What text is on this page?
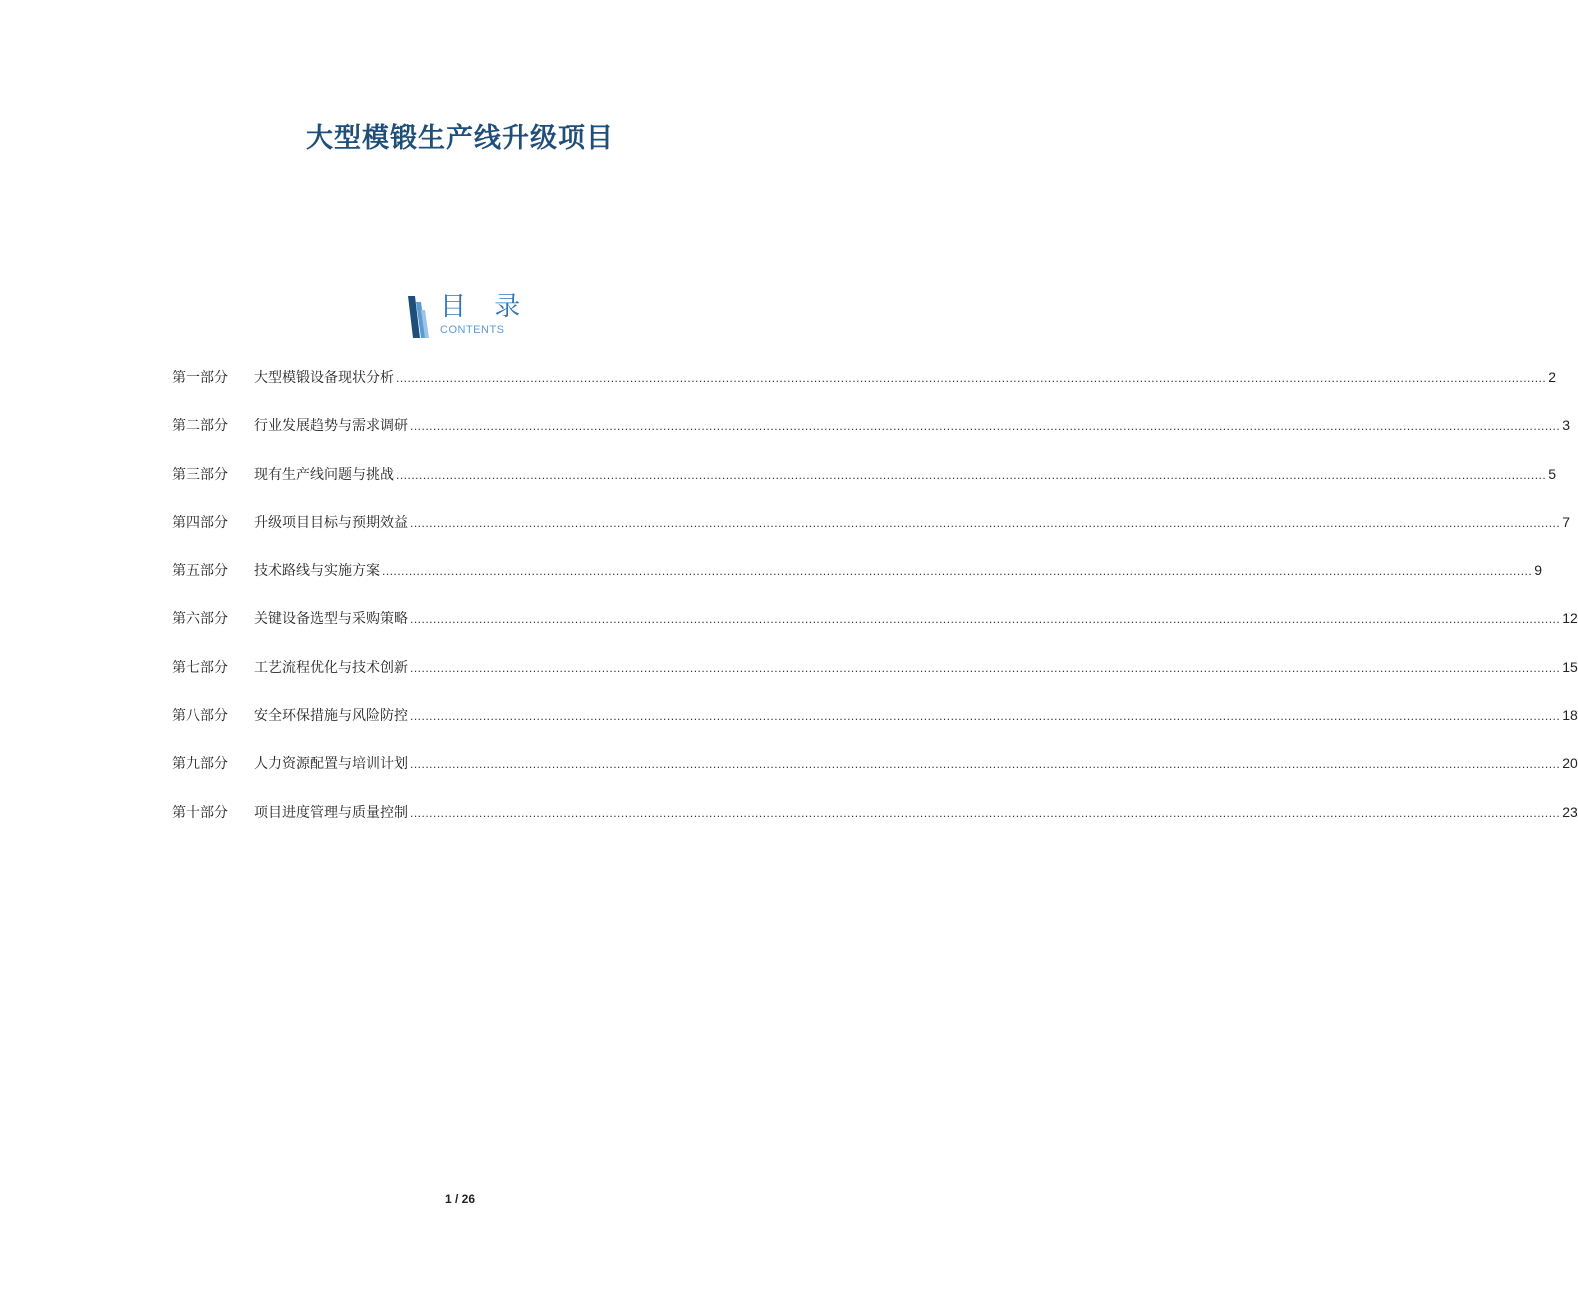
大型模锻生产线升级项目
目 录
CONTENTS
第一部分	大型模锻设备现状分析 ............................................................................................................................................................................................................................................................................................................ 2
第二部分	行业发展趋势与需求调研 ............................................................................................................................................................................................................................................................................................................ 3
第三部分	现有生产线问题与挑战 ............................................................................................................................................................................................................................................................................................................ 5
第四部分	升级项目目标与预期效益 ............................................................................................................................................................................................................................................................................................................ 7
第五部分	技术路线与实施方案 ............................................................................................................................................................................................................................................................................................................ 9
第六部分	关键设备选型与采购策略 ............................................................................................................................................................................................................................................................................................................ 12
第七部分	工艺流程优化与技术创新 ............................................................................................................................................................................................................................................................................................................ 15
第八部分	安全环保措施与风险防控 ............................................................................................................................................................................................................................................................................................................ 18
第九部分	人力资源配置与培训计划 ............................................................................................................................................................................................................................................................................................................ 20
第十部分	项目进度管理与质量控制 ............................................................................................................................................................................................................................................................................................................ 23
1 / 26
